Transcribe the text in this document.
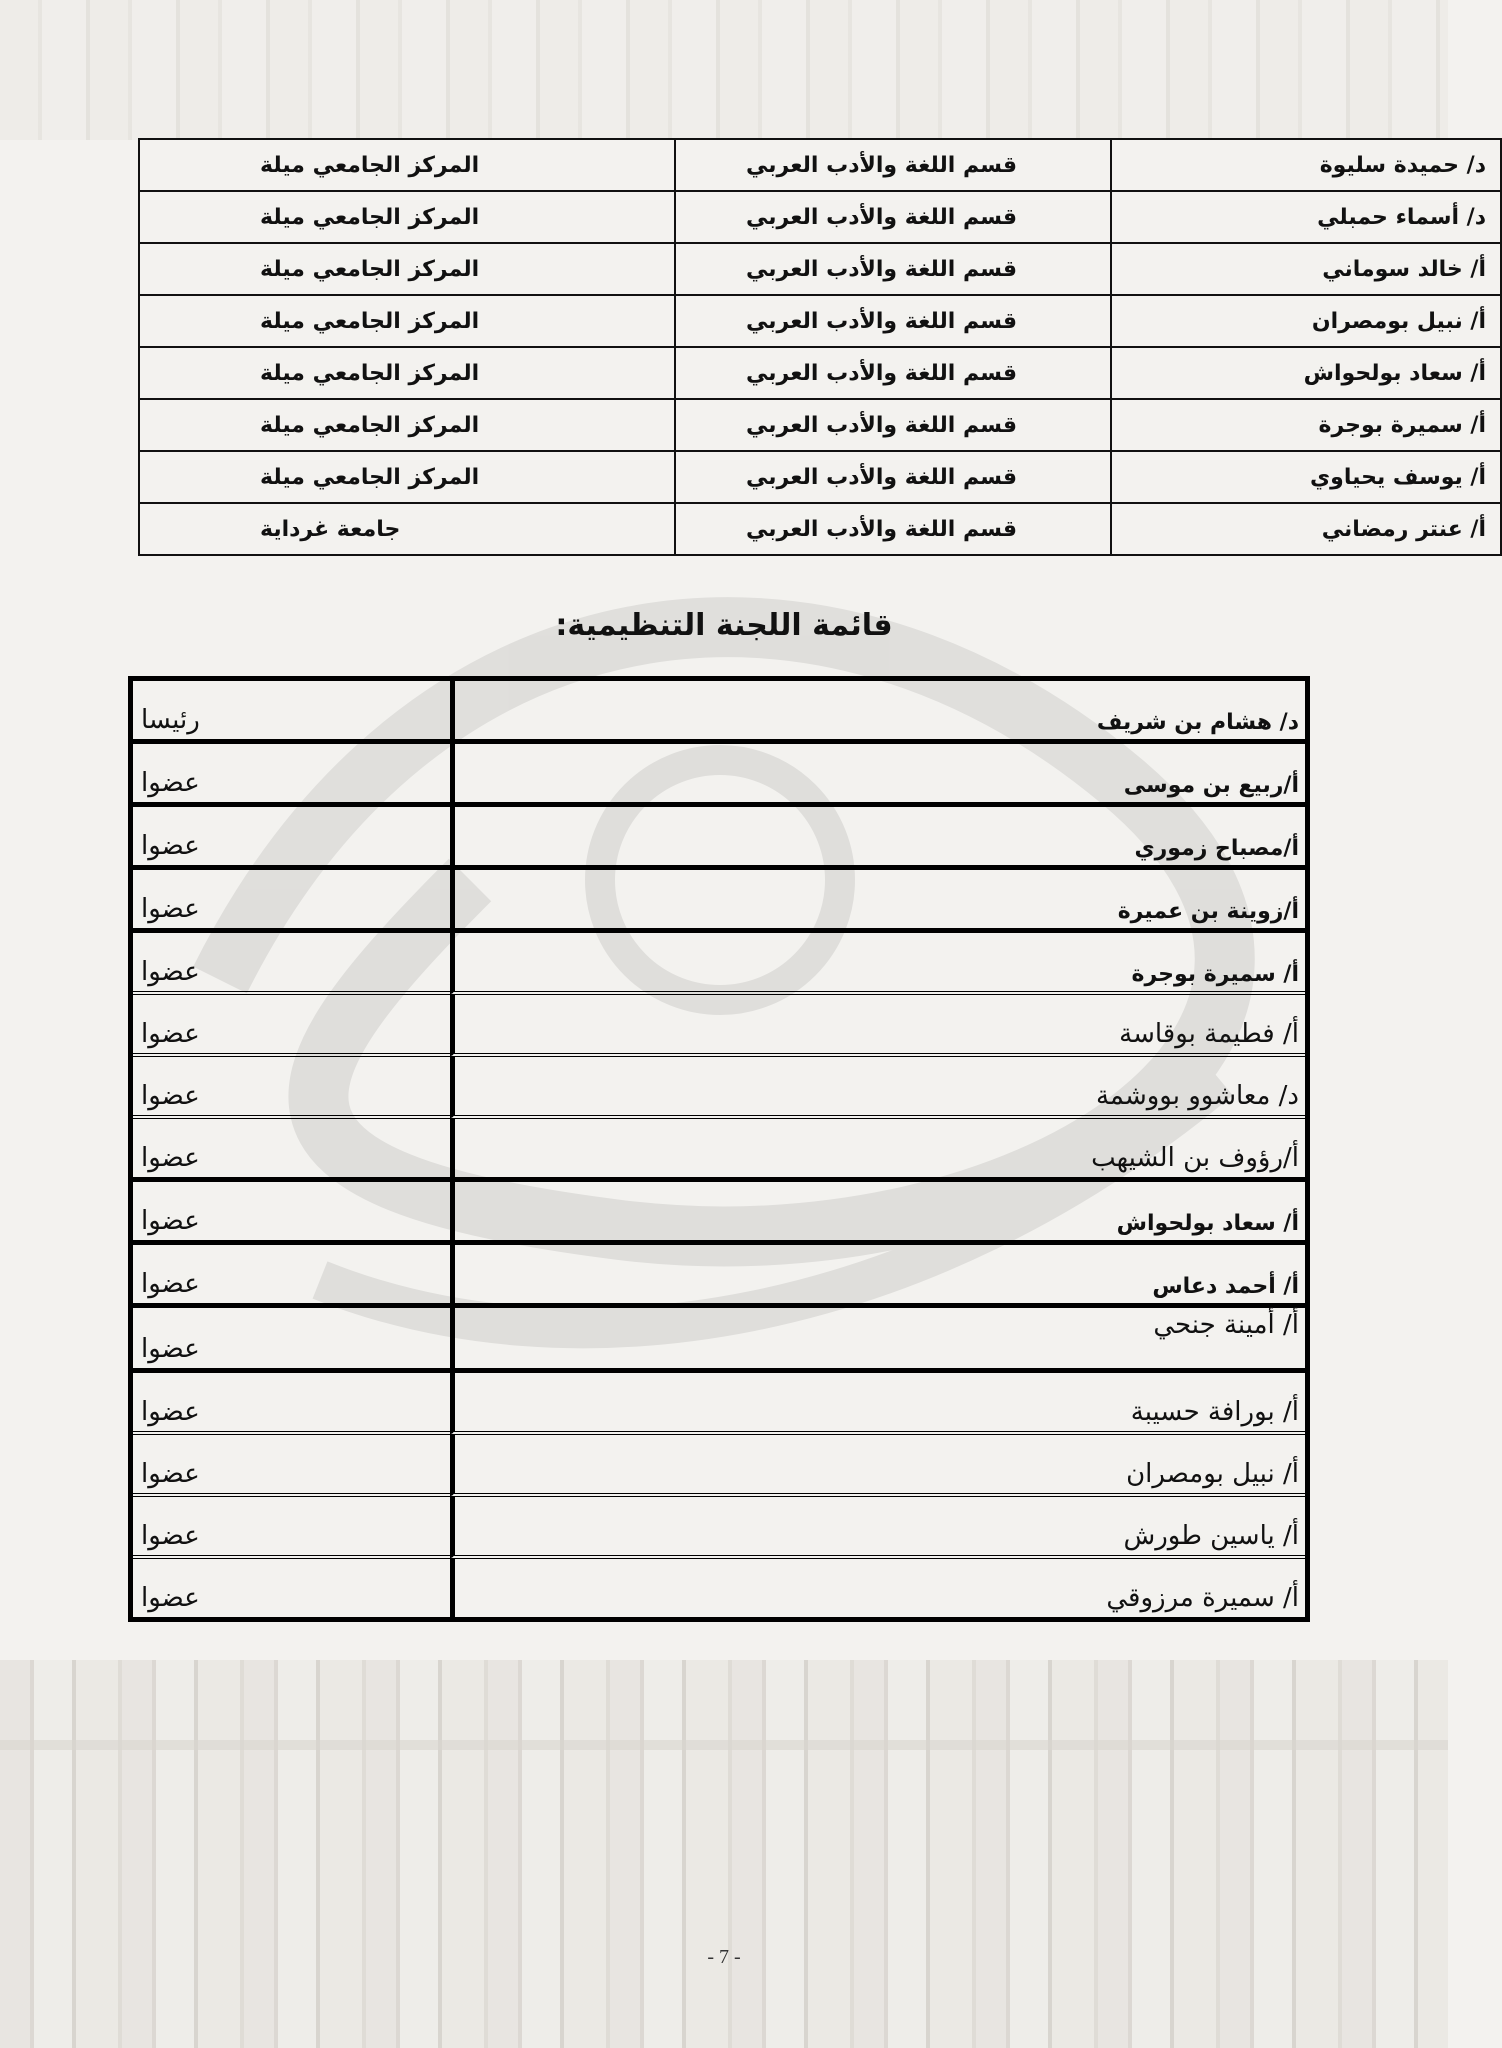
د/ حميدة سليوة	قسم اللغة والأدب العربي	المركز الجامعي ميلة
د/ أسماء حمبلي	قسم اللغة والأدب العربي	المركز الجامعي ميلة
أ/ خالد سوماني	قسم اللغة والأدب العربي	المركز الجامعي ميلة
أ/ نبيل بومصران	قسم اللغة والأدب العربي	المركز الجامعي ميلة
أ/ سعاد بولحواش	قسم اللغة والأدب العربي	المركز الجامعي ميلة
أ/ سميرة بوجرة	قسم اللغة والأدب العربي	المركز الجامعي ميلة
أ/ يوسف يحياوي	قسم اللغة والأدب العربي	المركز الجامعي ميلة
أ/ عنتر رمضاني	قسم اللغة والأدب العربي	جامعة غرداية
قائمة اللجنة التنظيمية:
د/ هشام بن شريف	رئيسا
أ/ربيع بن موسى	عضوا
أ/مصباح زموري	عضوا
أ/زوينة بن عميرة	عضوا
أ/ سميرة بوجرة	عضوا
أ/ فطيمة بوقاسة	عضوا
د/ معاشوو بووشمة	عضوا
أ/رؤوف بن الشيهب	عضوا
أ/ سعاد بولحواش	عضوا
أ/ أحمد دعاس	عضوا
أ/ أمينة جنحي	عضوا
أ/ بورافة حسيبة	عضوا
أ/ نبيل بومصران	عضوا
أ/ ياسين طورش	عضوا
أ/ سميرة مرزوقي	عضوا
- 7 -
